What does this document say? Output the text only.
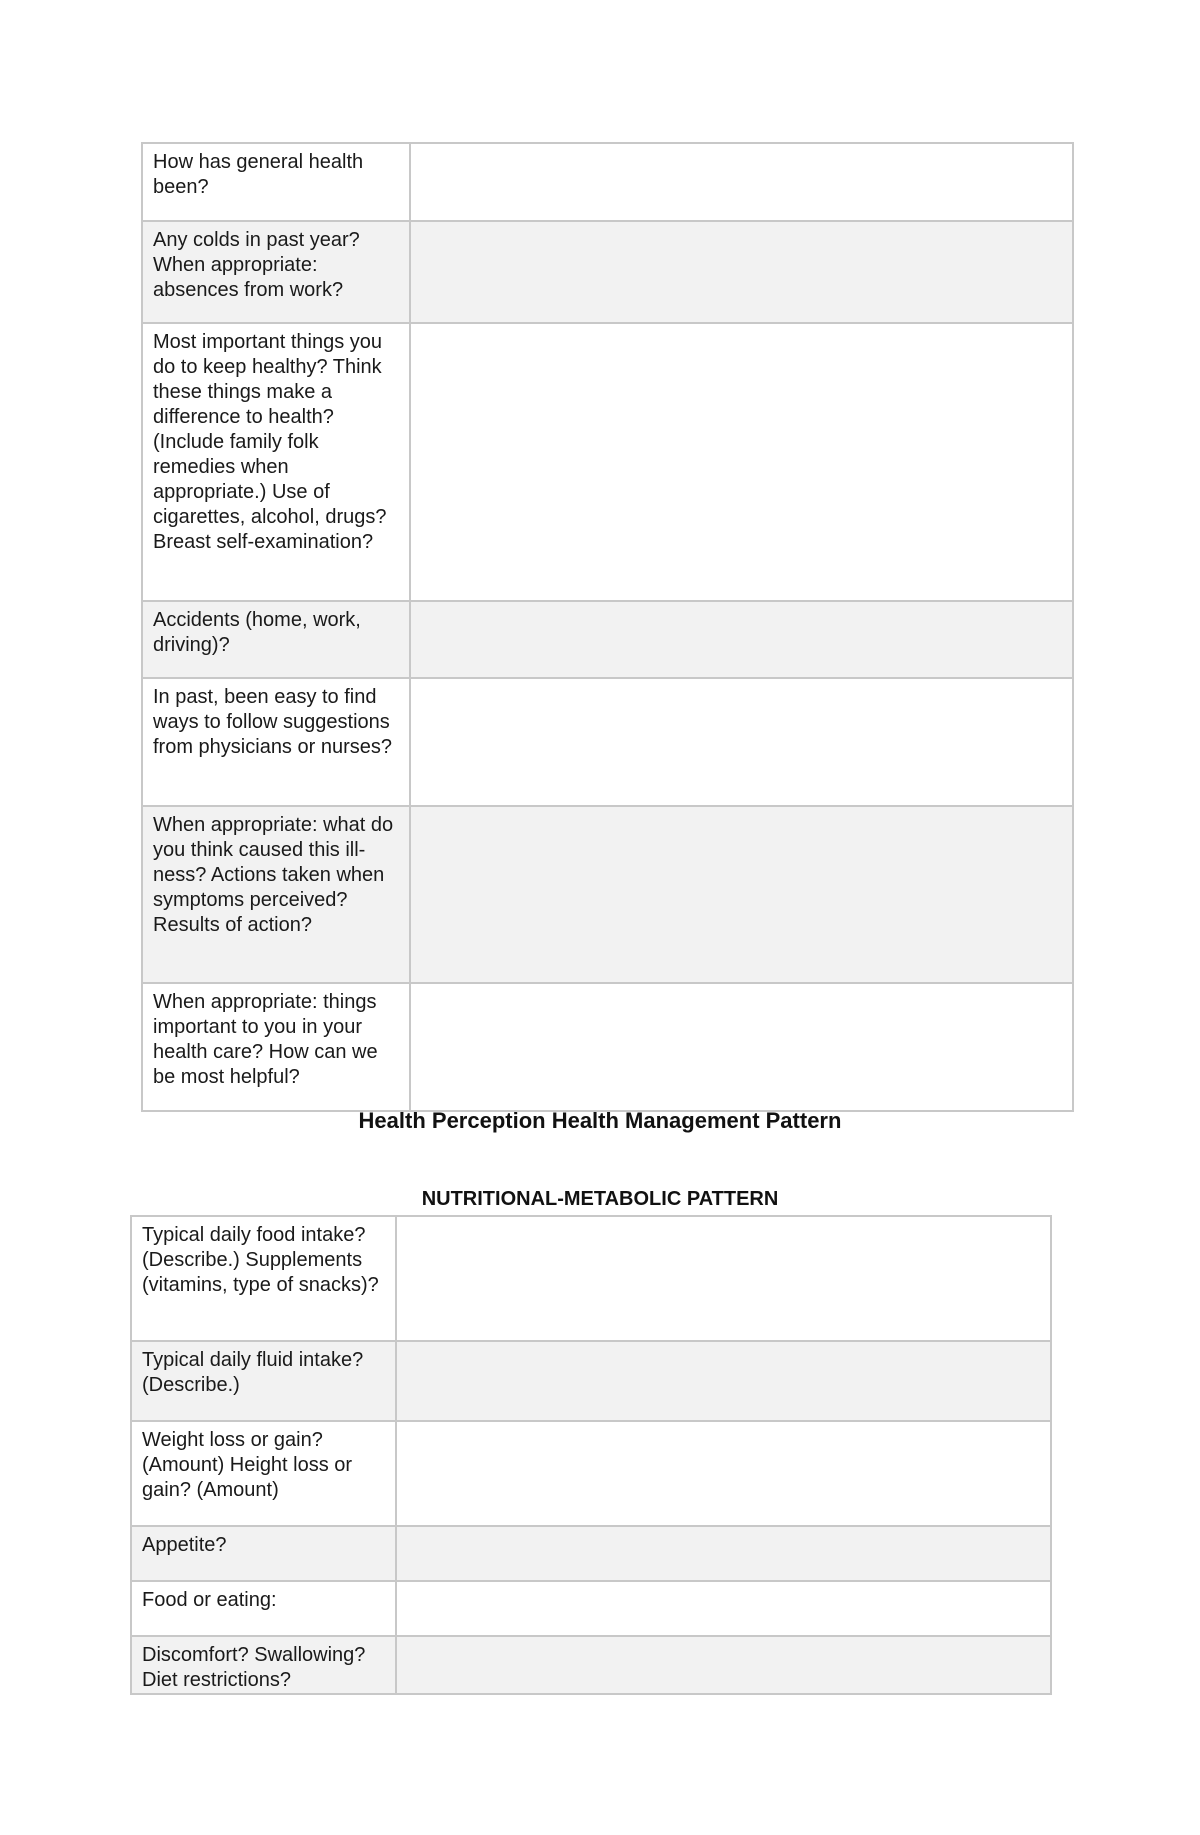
How has general health been?	
Any colds in past year? When appropriate: absences from work?	
Most important things you do to keep healthy? Think these things make a difference to health? (Include family folk remedies when appropriate.) Use of cigarettes, alcohol, drugs? Breast self-examination?	
Accidents (home, work, driving)?	
In past, been easy to find ways to follow suggestions from physicians or nurses?	
When appropriate: what do you think caused this ill- ness? Actions taken when symptoms perceived? Results of action?	
When appropriate: things important to you in your health care? How can we be most helpful?	
Health Perception Health Management Pattern
NUTRITIONAL-METABOLIC PATTERN
Typical daily food intake? (Describe.) Supplements (vitamins, type of snacks)?	
Typical daily fluid intake? (Describe.)	
Weight loss or gain? (Amount) Height loss or gain? (Amount)	
Appetite?	
Food or eating:	
Discomfort? Swallowing? Diet restrictions?	
